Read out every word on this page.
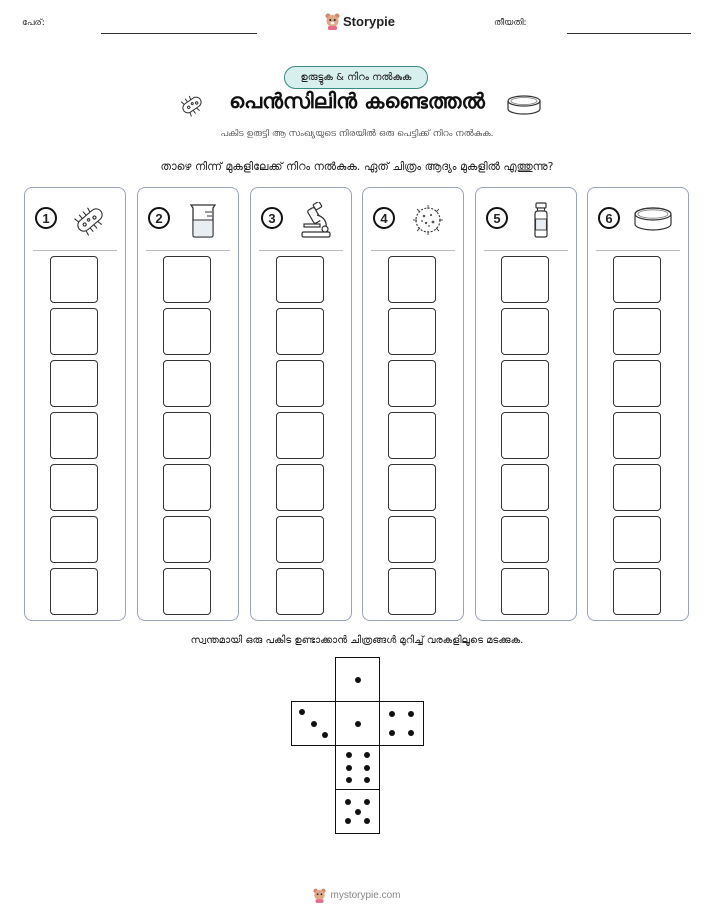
പേര്:	Storypie	തീയതി:
ഉരുട്ടുക & നിറം നൽകുക
പെൻസിലിൻ കണ്ടെത്തൽ
പകിട ഉരുട്ടി ആ സംഖ്യയുടെ നിരയിൽ ഒരു പെട്ടിക്ക് നിറം നൽകുക.
താഴെ നിന്ന് മുകളിലേക്ക് നിറം നൽകുക. ഏത് ചിത്രം ആദ്യം മുകളിൽ എത്തുന്നു?
1	2	3	4	5	6
സ്വന്തമായി ഒരു പകിട ഉണ്ടാക്കാൻ ചിത്രങ്ങൾ മുറിച്ച് വരകളിലൂടെ മടക്കുക.
mystorypie.com
